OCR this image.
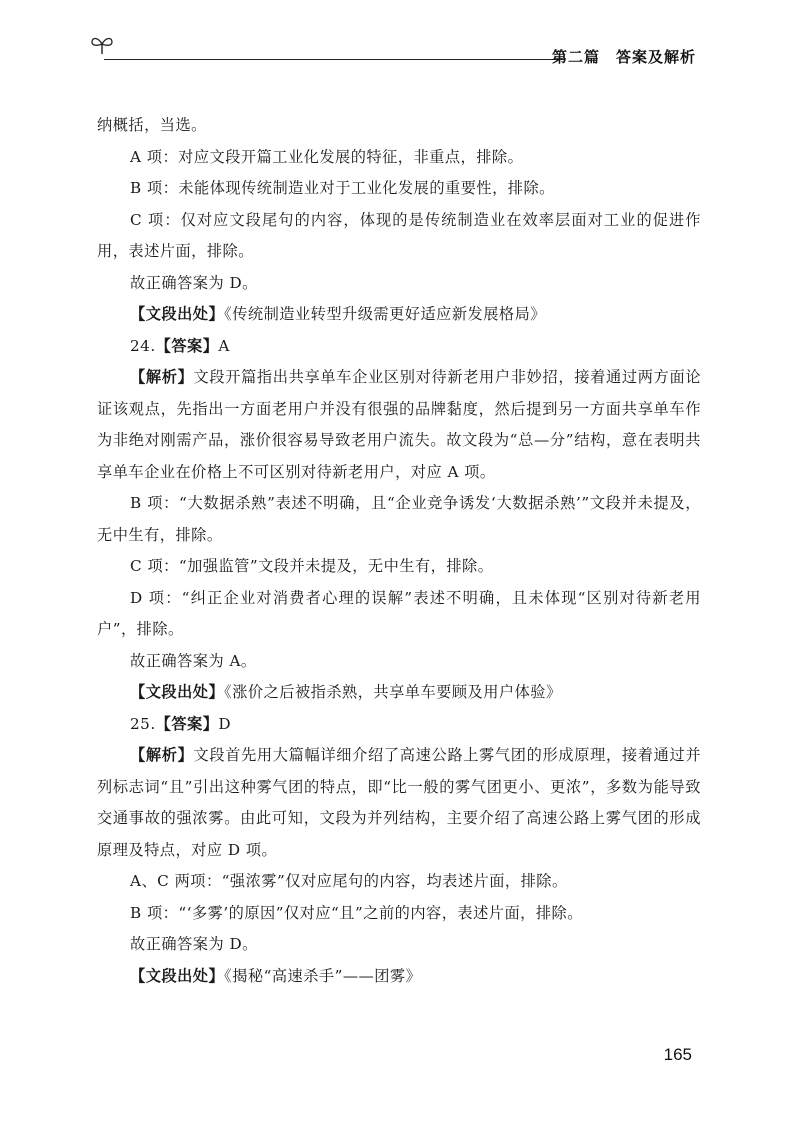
第二篇　答案及解析

纳概括，当选。

A 项：对应文段开篇工业化发展的特征，非重点，排除。

B 项：未能体现传统制造业对于工业化发展的重要性，排除。

C 项：仅对应文段尾句的内容，体现的是传统制造业在效率层面对工业的促进作用，表述片面，排除。

故正确答案为 D。

【文段出处】《传统制造业转型升级需更好适应新发展格局》

24.【答案】A

【解析】文段开篇指出共享单车企业区别对待新老用户非妙招，接着通过两方面论证该观点，先指出一方面老用户并没有很强的品牌黏度，然后提到另一方面共享单车作为非绝对刚需产品，涨价很容易导致老用户流失。故文段为“总—分”结构，意在表明共享单车企业在价格上不可区别对待新老用户，对应 A 项。

B 项：“大数据杀熟”表述不明确，且“企业竞争诱发‘大数据杀熟’”文段并未提及，无中生有，排除。

C 项：“加强监管”文段并未提及，无中生有，排除。

D 项：“纠正企业对消费者心理的误解”表述不明确，且未体现“区别对待新老用户”，排除。

故正确答案为 A。

【文段出处】《涨价之后被指杀熟，共享单车要顾及用户体验》

25.【答案】D

【解析】文段首先用大篇幅详细介绍了高速公路上雾气团的形成原理，接着通过并列标志词“且”引出这种雾气团的特点，即“比一般的雾气团更小、更浓”，多数为能导致交通事故的强浓雾。由此可知，文段为并列结构，主要介绍了高速公路上雾气团的形成原理及特点，对应 D 项。

A、C 两项：“强浓雾”仅对应尾句的内容，均表述片面，排除。

B 项：“‘多雾’的原因”仅对应“且”之前的内容，表述片面，排除。

故正确答案为 D。

【文段出处】《揭秘“高速杀手”——团雾》

165
